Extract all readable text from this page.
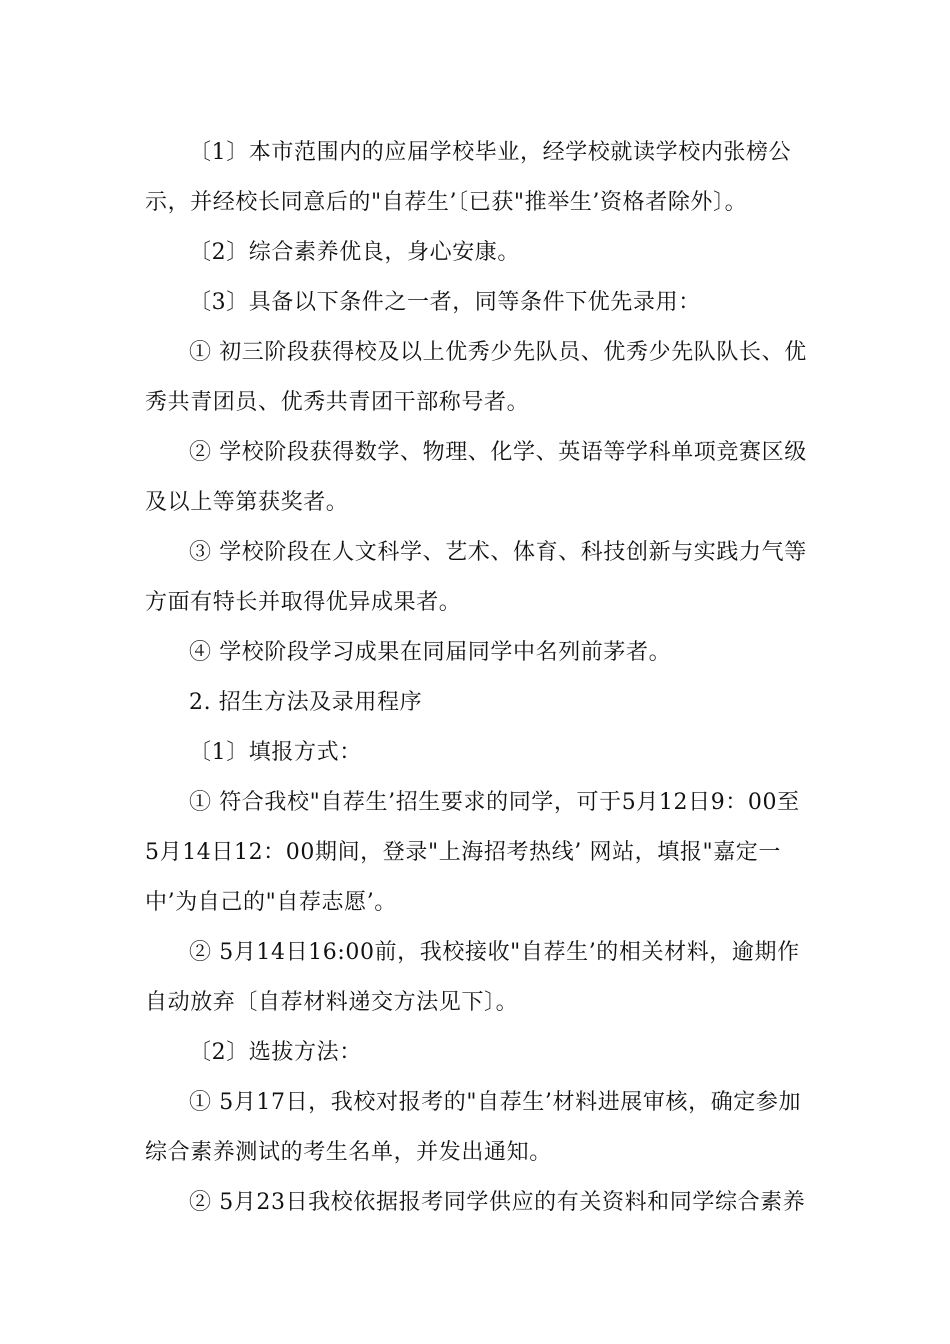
〔1〕本市范围内的应届学校毕业，经学校就读学校内张榜公示，并经校长同意后的"自荐生’〔已获"推举生’资格者除外〕。

〔2〕综合素养优良，身心安康。

〔3〕具备以下条件之一者，同等条件下优先录用：

① 初三阶段获得校及以上优秀少先队员、优秀少先队队长、优秀共青团员、优秀共青团干部称号者。

② 学校阶段获得数学、物理、化学、英语等学科单项竞赛区级及以上等第获奖者。

③ 学校阶段在人文科学、艺术、体育、科技创新与实践力气等方面有特长并取得优异成果者。

④ 学校阶段学习成果在同届同学中名列前茅者。

2. 招生方法及录用程序

〔1〕填报方式：

① 符合我校"自荐生’招生要求的同学，可于5月12日9：00至5月14日12：00期间，登录"上海招考热线’ 网站，填报"嘉定一中’为自己的"自荐志愿’。

② 5月14日16:00前，我校接收"自荐生’的相关材料，逾期作自动放弃〔自荐材料递交方法见下〕。

〔2〕选拔方法：

① 5月17日，我校对报考的"自荐生’材料进展审核，确定参加综合素养测试的考生名单，并发出通知。

② 5月23日我校依据报考同学供应的有关资料和同学综合素养
